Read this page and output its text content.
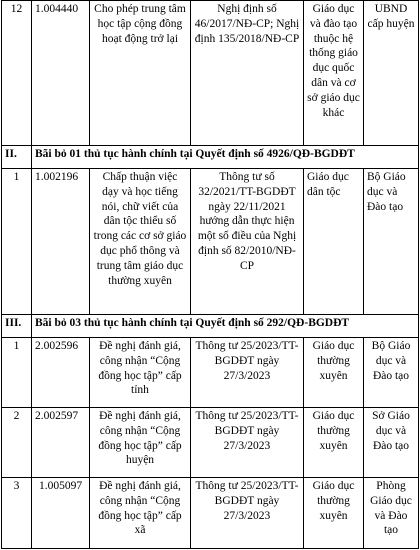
12	1.004440	Cho phép trung tâm học tập cộng đồng hoạt động trở lại	Nghị định số 46/2017/NĐ-CP; Nghị định 135/2018/NĐ-CP	Giáo dục và đào tạo thuộc hệ thống giáo dục quốc dân và cơ sở giáo dục khác	UBND cấp huyện
II.	Bãi bỏ 01 thủ tục hành chính tại Quyết định số 4926/QĐ-BGDĐT				
1	1.002196	Chấp thuận việc dạy và học tiếng nói, chữ viết của dân tộc thiểu số trong các cơ sở giáo dục phổ thông và trung tâm giáo dục thường xuyên	Thông tư số 32/2021/TT-BGDĐT ngày 22/11/2021 hướng dẫn thực hiện một số điều của Nghị định số 82/2010/NĐ-CP	Giáo dục dân tộc	Bộ Giáo dục và Đào tạo
III.	Bãi bỏ 03 thủ tục hành chính tại Quyết định số 292/QĐ-BGDĐT				
1	2.002596	Đề nghị đánh giá, công nhận “Cộng đồng học tập” cấp tỉnh	Thông tư 25/2023/TT-BGDĐT ngày 27/3/2023	Giáo dục thường xuyên	Bộ Giáo dục và Đào tạo
2	2.002597	Đề nghị đánh giá, công nhận “Cộng đồng học tập” cấp huyện	Thông tư 25/2023/TT-BGDĐT ngày 27/3/2023	Giáo dục thường xuyên	Sở Giáo dục và Đào tạo
3	1.005097	Đề nghị đánh giá, công nhận “Cộng đồng học tập” cấp xã	Thông tư 25/2023/TT-BGDĐT ngày 27/3/2023	Giáo dục thường xuyên	Phòng Giáo dục và Đào tạo
